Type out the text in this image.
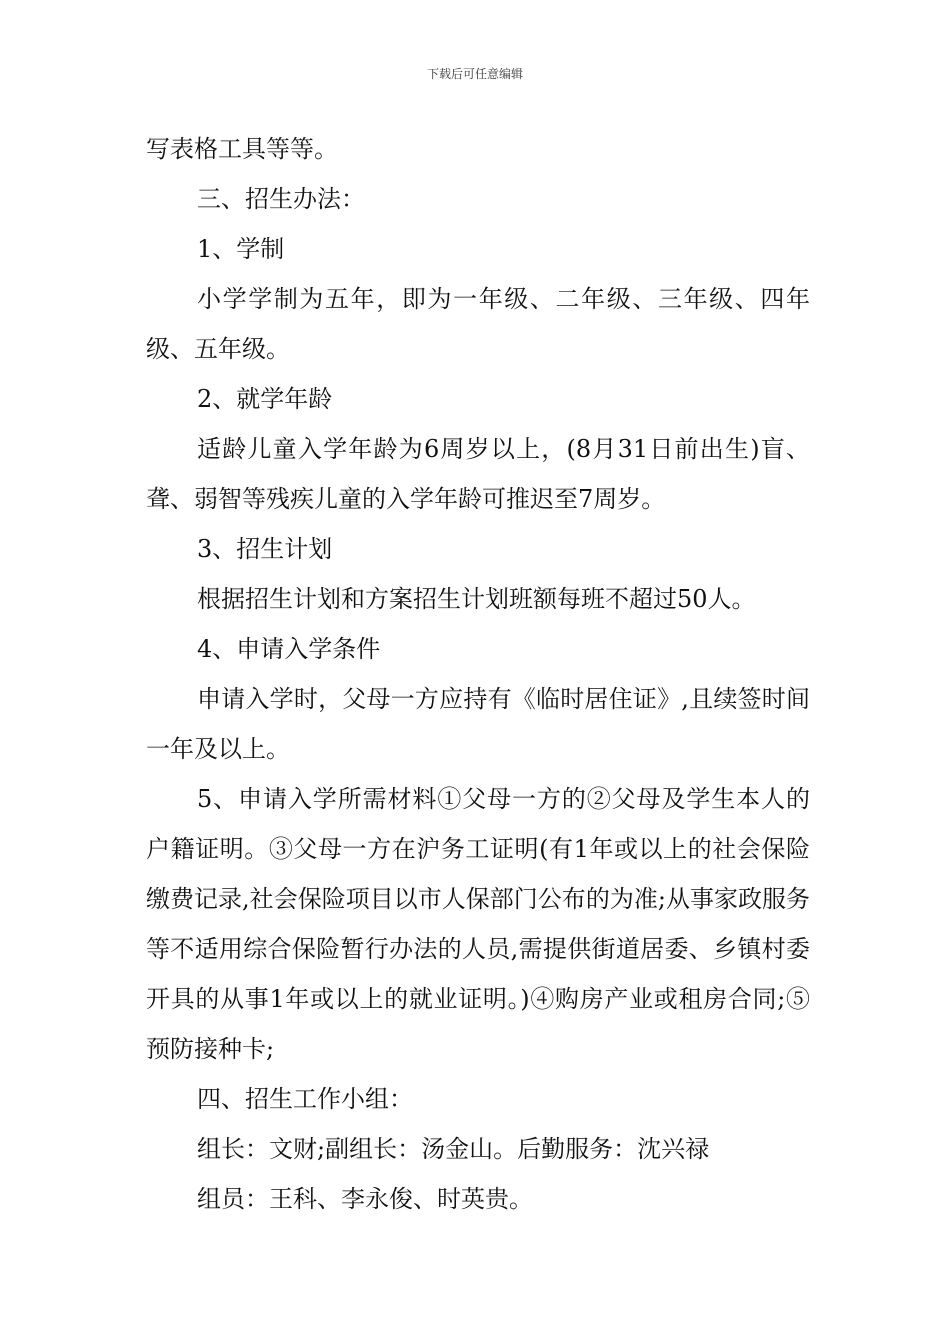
下载后可任意编辑

写表格工具等等。

三、招生办法：

1、学制

小学学制为五年，即为一年级、二年级、三年级、四年级、五年级。

2、就学年龄

适龄儿童入学年龄为6周岁以上，(8月31日前出生)盲、聋、弱智等残疾儿童的入学年龄可推迟至7周岁。

3、招生计划

根据招生计划和方案招生计划班额每班不超过50人。

4、申请入学条件

申请入学时，父母一方应持有《临时居住证》,且续签时间一年及以上。

5、申请入学所需材料①父母一方的②父母及学生本人的户籍证明。③父母一方在沪务工证明(有1年或以上的社会保险缴费记录,社会保险项目以市人保部门公布的为准;从事家政服务等不适用综合保险暂行办法的人员,需提供街道居委、乡镇村委开具的从事1年或以上的就业证明。)④购房产业或租房合同;⑤ 预防接种卡;

四、招生工作小组：

组长：文财;副组长：汤金山。后勤服务：沈兴禄

组员：王科、李永俊、时英贵。
